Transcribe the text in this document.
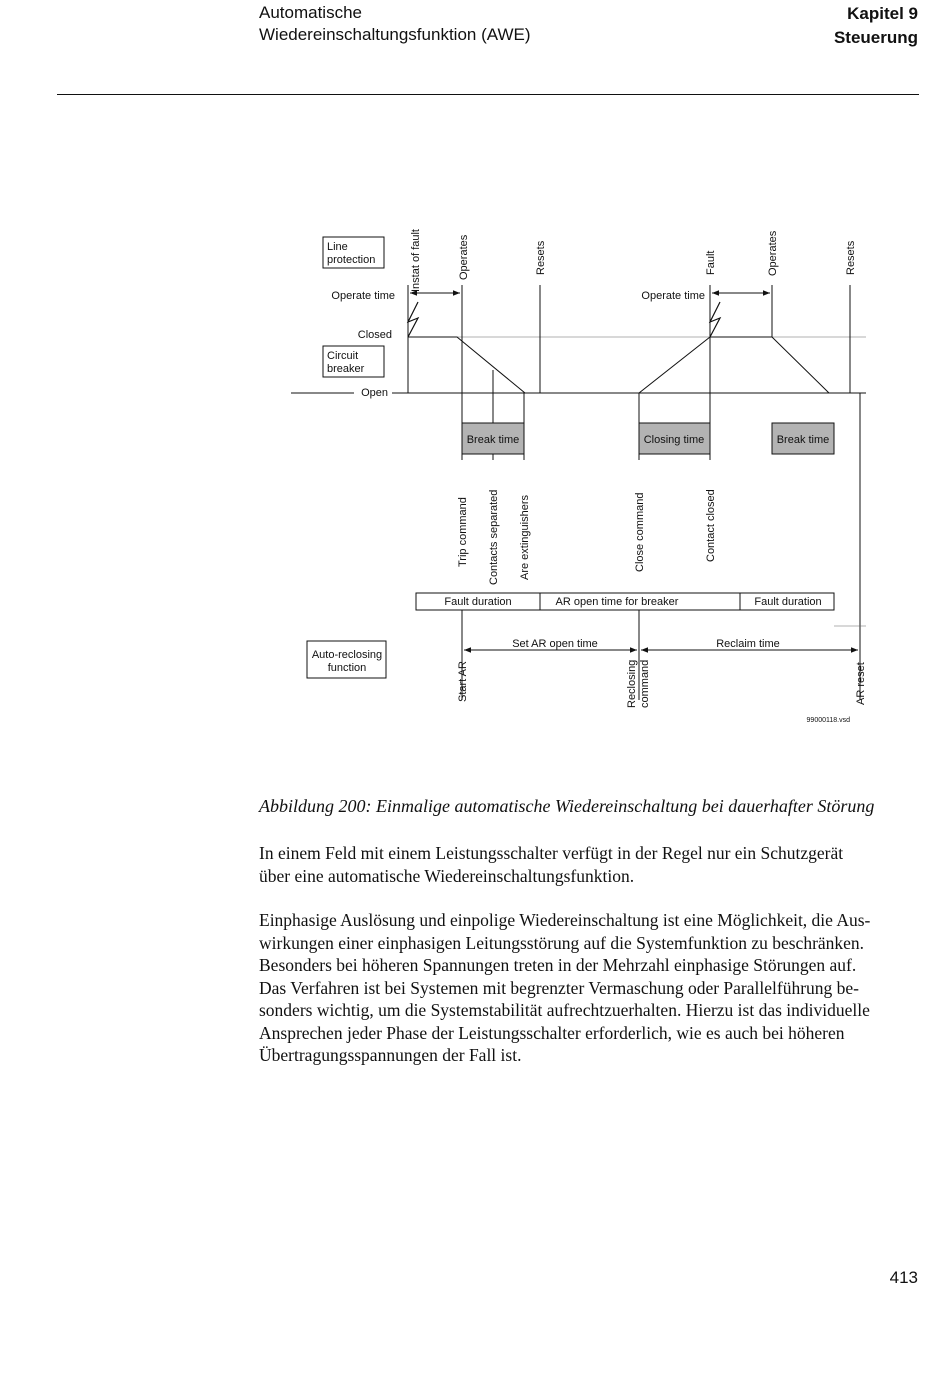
Automatische
Wiedereinschaltungsfunktion (AWE)
Kapitel 9
Steuerung
Line
protection
Circuit
breaker
Auto-reclosing
function
Operate time	Operate time
Closed
Open
Break time	Closing time	Break time
Fault duration	AR open time for breaker	Fault duration
Set AR open time	Reclaim time
99000118.vsd
Instat of fault	Operates	Resets	Fault	Operates	Resets
Trip command Contacts separated Are extinguishers	Close command	Contact closed
Start AR	Reclosing command	AR reset
Abbildung 200: Einmalige automatische Wiedereinschaltung bei dauerhafter Störung

In einem Feld mit einem Leistungsschalter verfügt in der Regel nur ein Schutzgerät
über eine automatische Wiedereinschaltungsfunktion.

Einphasige Auslösung und einpolige Wiedereinschaltung ist eine Möglichkeit, die Aus-
wirkungen einer einphasigen Leitungsstörung auf die Systemfunktion zu beschränken.
Besonders bei höheren Spannungen treten in der Mehrzahl einphasige Störungen auf.
Das Verfahren ist bei Systemen mit begrenzter Vermaschung oder Parallelführung be-
sonders wichtig, um die Systemstabilität aufrechtzuerhalten. Hierzu ist das individuelle
Ansprechen jeder Phase der Leistungsschalter erforderlich, wie es auch bei höheren
Übertragungsspannungen der Fall ist.

413
